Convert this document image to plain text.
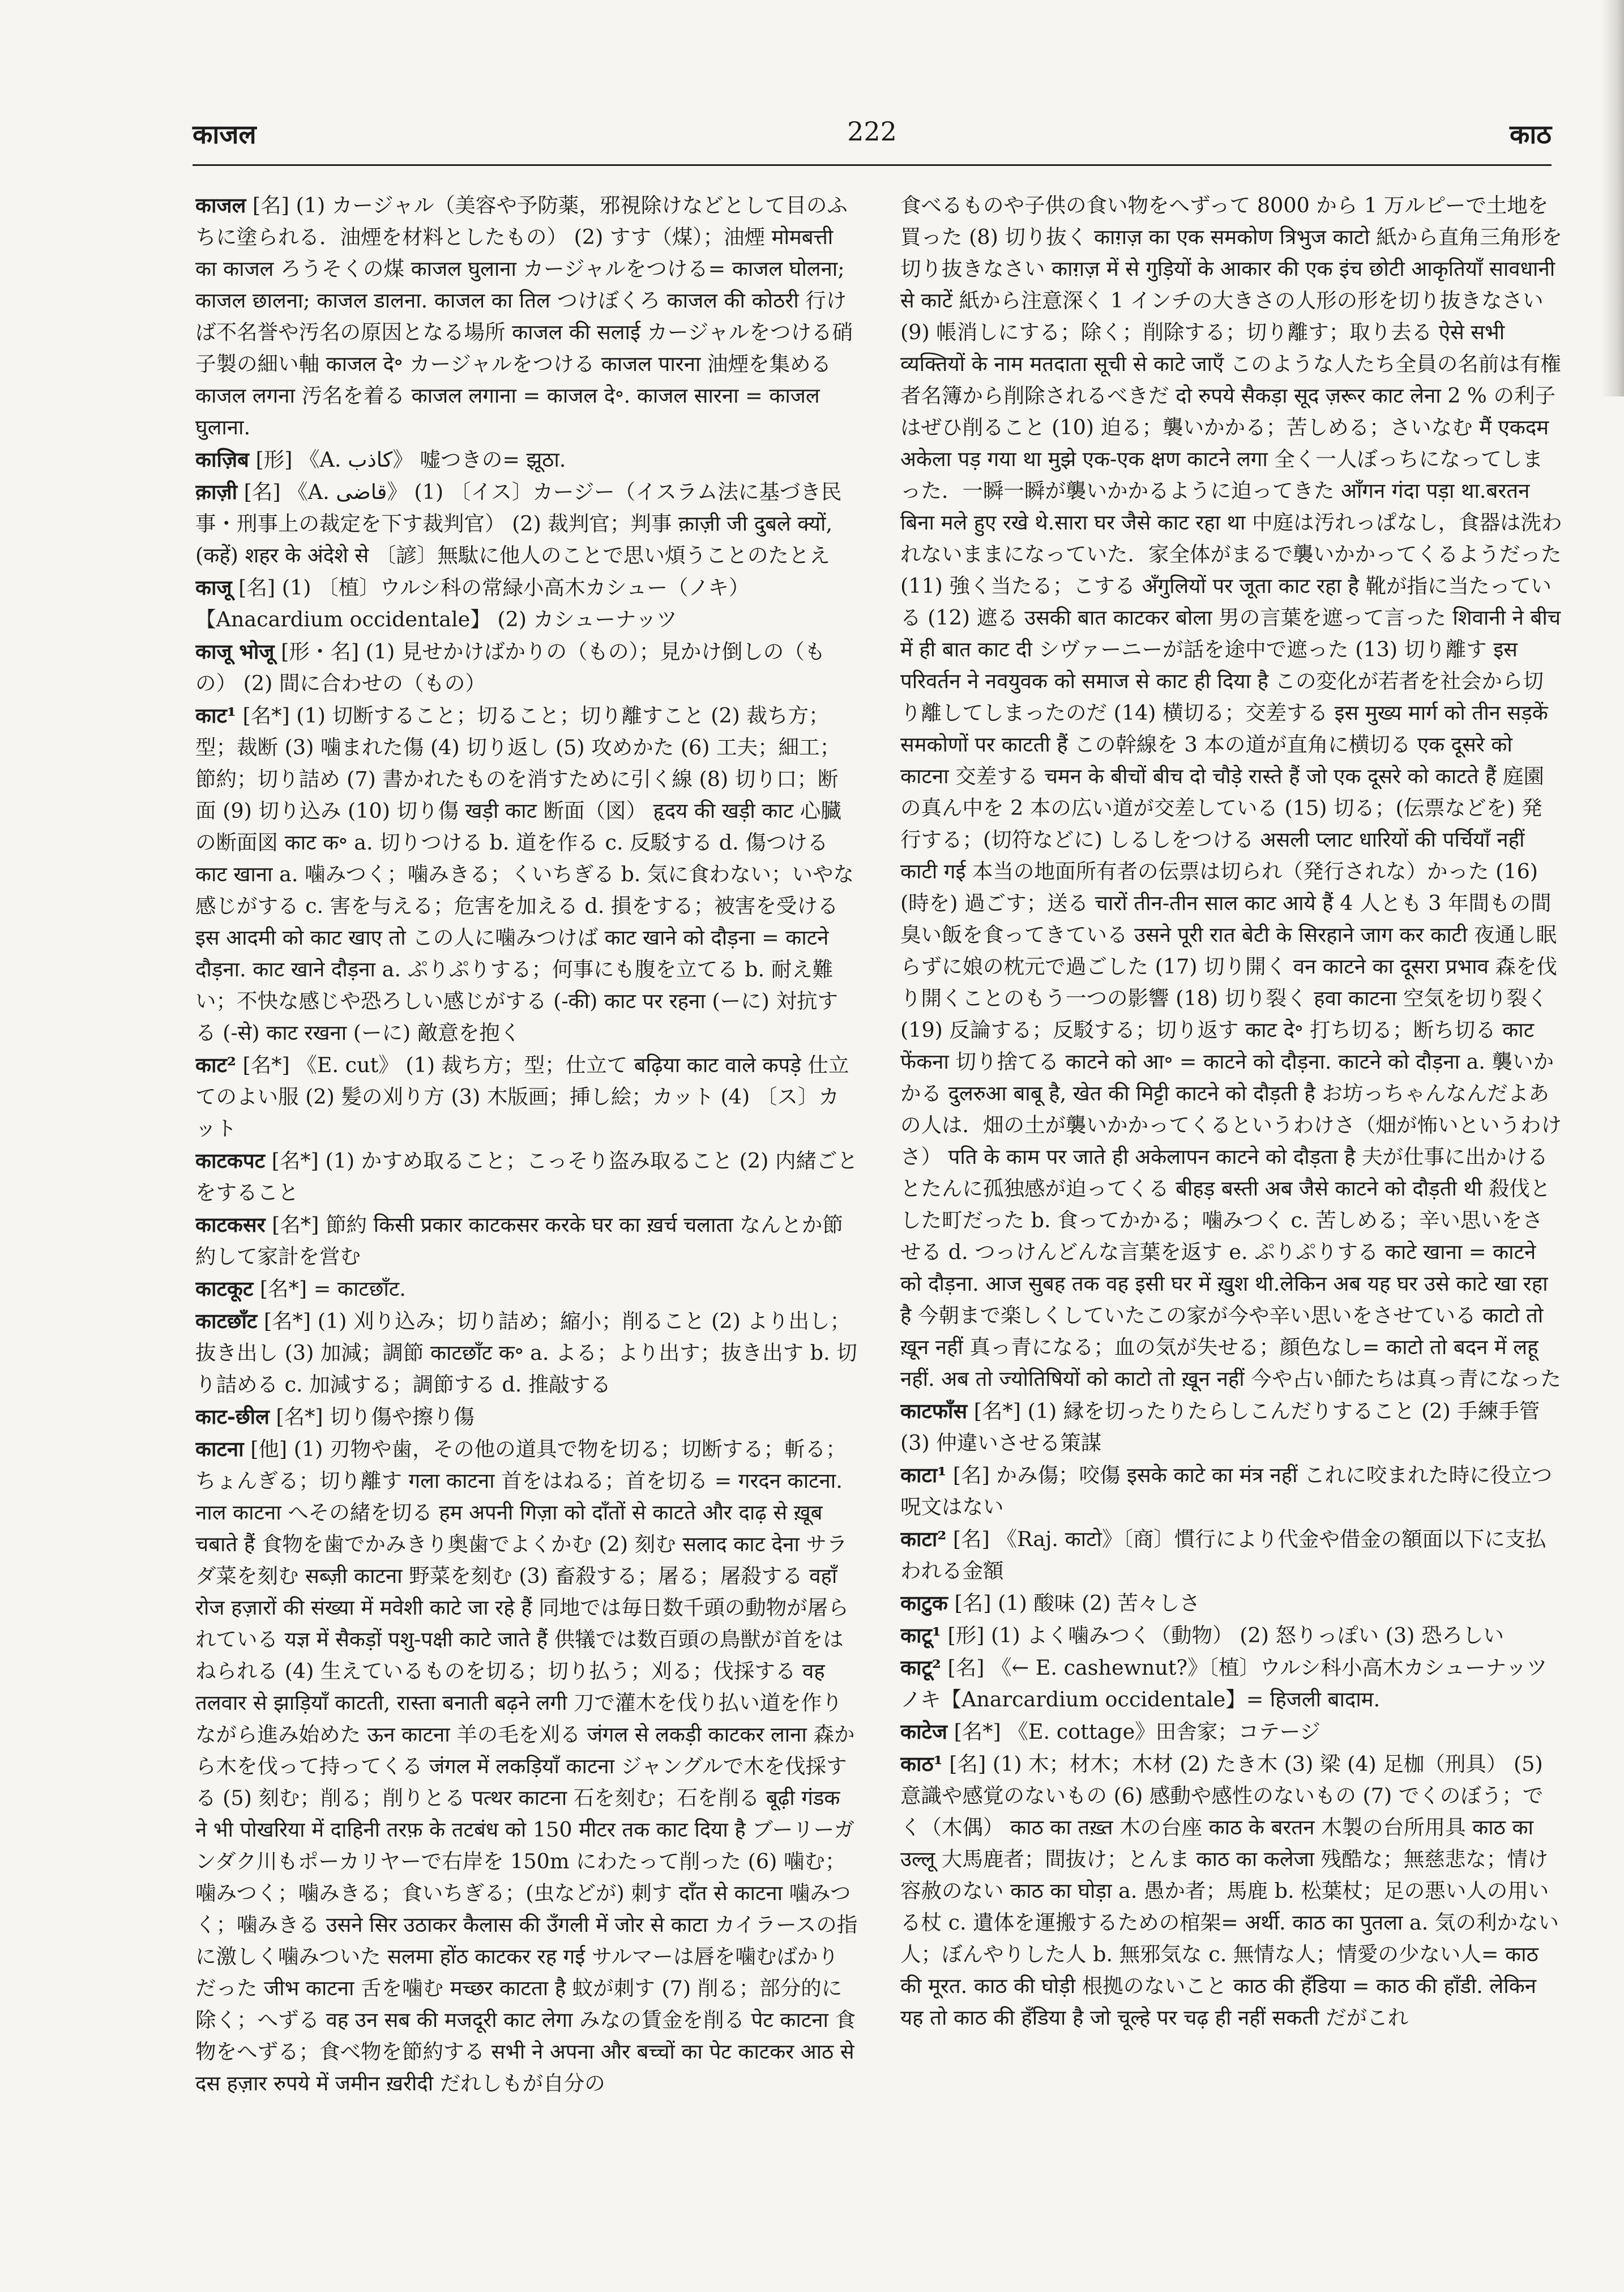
काजल	222	काठ
काजल [名] (1) カージャル（美容や予防薬，邪視除けなどとして目のふちに塗られる．油煙を材料としたもの） (2) すす（煤）；油煙 मोमबत्ती का काजल ろうそくの煤 काजल घुलाना カージャルをつける= काजल घोलना; काजल छालना; काजल डालना. काजल का तिल つけぼくろ काजल की कोठरी 行けば不名誉や汚名の原因となる場所 काजल की सलाई カージャルをつける硝子製の細い軸 काजल दे॰ カージャルをつける काजल पारना 油煙を集める काजल लगना 汚名を着る काजल लगाना = काजल दे॰. काजल सारना = काजल घुलाना.
काज़िब [形] 《A. كاذب》 嘘つきの= झूठा.
क़ाज़ी [名] 《A. قاضى》 (1) 〔イス〕カージー（イスラム法に基づき民事・刑事上の裁定を下す裁判官） (2) 裁判官；判事 क़ाज़ी जी दुबले क्यों, (कहें) शहर के अंदेशे से 〔諺〕無駄に他人のことで思い煩うことのたとえ
काजू [名] (1) 〔植〕ウルシ科の常緑小高木カシュー（ノキ）【Anacardium occidentale】 (2) カシューナッツ
काजू भोजू [形・名] (1) 見せかけばかりの（もの）；見かけ倒しの（もの） (2) 間に合わせの（もの）
काट¹ [名*] (1) 切断すること；切ること；切り離すこと (2) 裁ち方；型；裁断 (3) 噛まれた傷 (4) 切り返し (5) 攻めかた (6) 工夫；細工；節約；切り詰め (7) 書かれたものを消すために引く線 (8) 切り口；断面 (9) 切り込み (10) 切り傷 खड़ी काट 断面（図） हृदय की खड़ी काट 心臓の断面図 काट क॰ a. 切りつける b. 道を作る c. 反駁する d. 傷つける काट खाना a. 噛みつく；噛みきる；くいちぎる b. 気に食わない；いやな感じがする c. 害を与える；危害を加える d. 損をする；被害を受ける इस आदमी को काट खाए तो この人に噛みつけば काट खाने को दौड़ना = काटने दौड़ना. काट खाने दौड़ना a. ぷりぷりする；何事にも腹を立てる b. 耐え難い；不快な感じや恐ろしい感じがする (-की) काट पर रहना (ーに) 対抗する (-से) काट रखना (ーに) 敵意を抱く
काट² [名*] 《E. cut》 (1) 裁ち方；型；仕立て बढ़िया काट वाले कपड़े 仕立てのよい服 (2) 髪の刈り方 (3) 木版画；挿し絵；カット (4) 〔ス〕カット
काटकपट [名*] (1) かすめ取ること；こっそり盗み取ること (2) 内緒ごとをすること
काटकसर [名*] 節約 किसी प्रकार काटकसर करके घर का ख़र्च चलाता なんとか節約して家計を営む
काटकूट [名*] = काटछाँट.
काटछाँट [名*] (1) 刈り込み；切り詰め；縮小；削ること (2) より出し；抜き出し (3) 加減；調節 काटछाँट क॰ a. よる；より出す；抜き出す b. 切り詰める c. 加減する；調節する d. 推敲する
काट-छील [名*] 切り傷や擦り傷
काटना [他] (1) 刃物や歯，その他の道具で物を切る；切断する；斬る；ちょんぎる；切り離す गला काटना 首をはねる；首を切る = गरदन काटना. नाल काटना へその緒を切る हम अपनी गिज़ा को दाँतों से काटते और दाढ़ से ख़ूब चबाते हैं 食物を歯でかみきり奥歯でよくかむ (2) 刻む सलाद काट देना サラダ菜を刻む सब्ज़ी काटना 野菜を刻む (3) 畜殺する；屠る；屠殺する वहाँ रोज हज़ारों की संख्या में मवेशी काटे जा रहे हैं 同地では毎日数千頭の動物が屠られている यज्ञ में सैकड़ों पशु-पक्षी काटे जाते हैं 供犠では数百頭の鳥獣が首をはねられる (4) 生えているものを切る；切り払う；刈る；伐採する वह तलवार से झाड़ियाँ काटती, रास्ता बनाती बढ़ने लगी 刀で灌木を伐り払い道を作りながら進み始めた ऊन काटना 羊の毛を刈る जंगल से लकड़ी काटकर लाना 森から木を伐って持ってくる जंगल में लकड़ियाँ काटना ジャングルで木を伐採する (5) 刻む；削る；削りとる पत्थर काटना 石を刻む；石を削る बूढ़ी गंडक ने भी पोखरिया में दाहिनी तरफ़ के तटबंध को 150 मीटर तक काट दिया है ブーリーガンダク川もポーカリヤーで右岸を 150m にわたって削った (6) 噛む；噛みつく；噛みきる；食いちぎる；(虫などが) 刺す दाँत से काटना 噛みつく；噛みきる उसने सिर उठाकर कैलास की उँगली में जोर से काटा カイラースの指に激しく噛みついた सलमा होंठ काटकर रह गई サルマーは唇を噛むばかりだった जीभ काटना 舌を噛む मच्छर काटता है 蚊が刺す (7) 削る；部分的に除く；へずる वह उन सब की मजदूरी काट लेगा みなの賃金を削る पेट काटना 食物をへずる；食べ物を節約する सभी ने अपना और बच्चों का पेट काटकर आठ से दस हज़ार रुपये में जमीन ख़रीदी だれしもが自分の
食べるものや子供の食い物をへずって 8000 から 1 万ルピーで土地を買った (8) 切り抜く काग़ज़ का एक समकोण त्रिभुज काटो 紙から直角三角形を切り抜きなさい काग़ज़ में से गुड़ियों के आकार की एक इंच छोटी आकृतियाँ सावधानी से काटें 紙から注意深く 1 インチの大きさの人形の形を切り抜きなさい (9) 帳消しにする；除く；削除する；切り離す；取り去る ऐसे सभी व्यक्तियों के नाम मतदाता सूची से काटे जाएँ このような人たち全員の名前は有権者名簿から削除されるべきだ दो रुपये सैकड़ा सूद ज़रूर काट लेना 2 % の利子はぜひ削ること (10) 迫る；襲いかかる；苦しめる；さいなむ मैं एकदम अकेला पड़ गया था मुझे एक-एक क्षण काटने लगा 全く一人ぼっちになってしまった．一瞬一瞬が襲いかかるように迫ってきた आँगन गंदा पड़ा था.बरतन बिना मले हुए रखे थे.सारा घर जैसे काट रहा था 中庭は汚れっぱなし，食器は洗われないままになっていた．家全体がまるで襲いかかってくるようだった (11) 強く当たる；こする अँगुलियों पर जूता काट रहा है 靴が指に当たっている (12) 遮る उसकी बात काटकर बोला 男の言葉を遮って言った शिवानी ने बीच में ही बात काट दी シヴァーニーが話を途中で遮った (13) 切り離す इस परिवर्तन ने नवयुवक को समाज से काट ही दिया है この変化が若者を社会から切り離してしまったのだ (14) 横切る；交差する इस मुख्य मार्ग को तीन सड़कें समकोणों पर काटती हैं この幹線を 3 本の道が直角に横切る एक दूसरे को काटना 交差する चमन के बीचों बीच दो चौड़े रास्ते हैं जो एक दूसरे को काटते हैं 庭園の真ん中を 2 本の広い道が交差している (15) 切る；(伝票などを) 発行する；(切符などに) しるしをつける असली प्लाट धारियों की पर्चियाँ नहीं काटी गई 本当の地面所有者の伝票は切られ（発行されな）かった (16) (時を) 過ごす；送る चारों तीन-तीन साल काट आये हैं 4 人とも 3 年間もの間臭い飯を食ってきている उसने पूरी रात बेटी के सिरहाने जाग कर काटी 夜通し眠らずに娘の枕元で過ごした (17) 切り開く वन काटने का दूसरा प्रभाव 森を伐り開くことのもう一つの影響 (18) 切り裂く हवा काटना 空気を切り裂く (19) 反論する；反駁する；切り返す काट दे॰ 打ち切る；断ち切る काट फेंकना 切り捨てる काटने को आ॰ = काटने को दौड़ना. काटने को दौड़ना a. 襲いかかる दुलरुआ बाबू है, खेत की मिट्टी काटने को दौड़ती है お坊っちゃんなんだよあの人は．畑の土が襲いかかってくるというわけさ（畑が怖いというわけさ） पति के काम पर जाते ही अकेलापन काटने को दौड़ता है 夫が仕事に出かけるとたんに孤独感が迫ってくる बीहड़ बस्ती अब जैसे काटने को दौड़ती थी 殺伐とした町だった b. 食ってかかる；噛みつく c. 苦しめる；辛い思いをさせる d. つっけんどんな言葉を返す e. ぷりぷりする काटे खाना = काटने को दौड़ना. आज सुबह तक वह इसी घर में ख़ुश थी.लेकिन अब यह घर उसे काटे खा रहा है 今朝まで楽しくしていたこの家が今や辛い思いをさせている काटो तो ख़ून नहीं 真っ青になる；血の気が失せる；顔色なし= काटो तो बदन में लहू नहीं. अब तो ज्योतिषियों को काटो तो ख़ून नहीं 今や占い師たちは真っ青になった
काटफाँस [名*] (1) 縁を切ったりたらしこんだりすること (2) 手練手管 (3) 仲違いさせる策謀
काटा¹ [名] かみ傷；咬傷 इसके काटे का मंत्र नहीं これに咬まれた時に役立つ呪文はない
काटा² [名] 《Raj. काटो》〔商〕慣行により代金や借金の額面以下に支払われる金額
काटुक [名] (1) 酸味 (2) 苦々しさ
काटू¹ [形] (1) よく噛みつく（動物） (2) 怒りっぽい (3) 恐ろしい
काटू² [名] 《← E. cashewnut?》〔植〕ウルシ科小高木カシューナッツノキ【Anarcardium occidentale】= हिजली बादाम.
काटेज [名*] 《E. cottage》田舎家；コテージ
काठ¹ [名] (1) 木；材木；木材 (2) たき木 (3) 梁 (4) 足枷（刑具） (5) 意識や感覚のないもの (6) 感動や感性のないもの (7) でくのぼう；でく（木偶） काठ का तख़्त 木の台座 काठ के बरतन 木製の台所用具 काठ का उल्लू 大馬鹿者；間抜け；とんま काठ का कलेजा 残酷な；無慈悲な；情け容赦のない काठ का घोड़ा a. 愚か者；馬鹿 b. 松葉杖；足の悪い人の用いる杖 c. 遺体を運搬するための棺架= अर्थी. काठ का पुतला a. 気の利かない人；ぼんやりした人 b. 無邪気な c. 無情な人；情愛の少ない人= काठ की मूरत. काठ की घोड़ी 根拠のないこと काठ की हँडिया = काठ की हाँडी. लेकिन यह तो काठ की हँडिया है जो चूल्हे पर चढ़ ही नहीं सकती だがこれ
